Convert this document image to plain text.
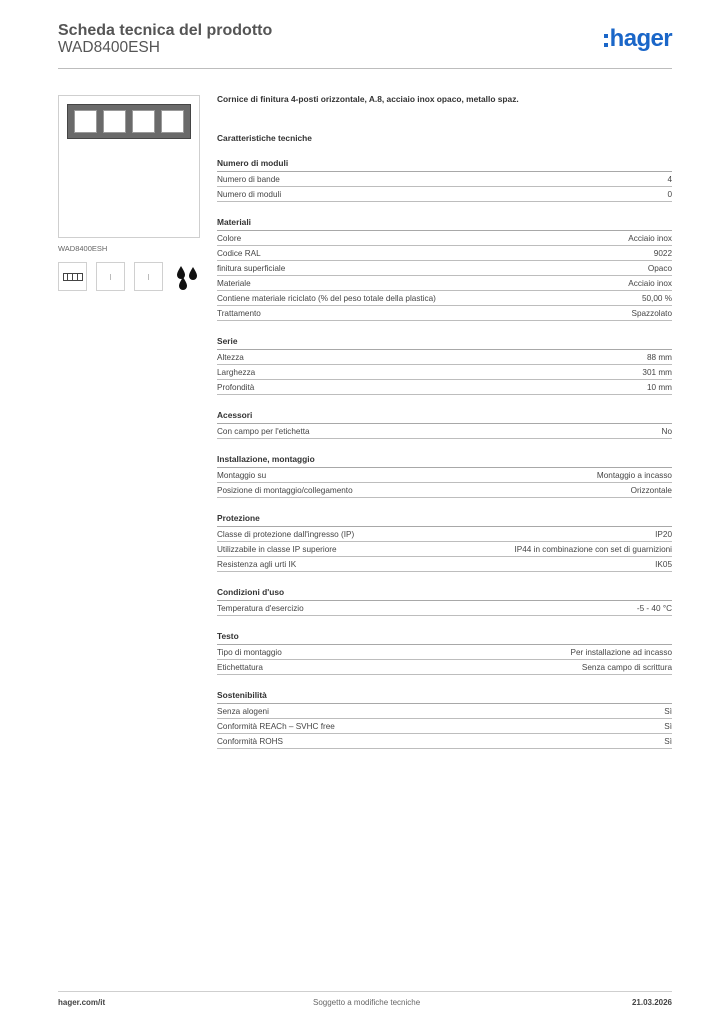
Scheda tecnica del prodotto
WAD8400ESH	hager
WAD8400ESH
Cornice di finitura 4-posti orizzontale, A.8, acciaio inox opaco, metallo spaz.
Caratteristiche tecniche
Numero di moduli
Numero di bande	4
Numero di moduli	0
Materiali
Colore	Acciaio inox
Codice RAL	9022
finitura superficiale	Opaco
Materiale	Acciaio inox
Contiene materiale riciclato (% del peso totale della plastica)	50,00 %
Trattamento	Spazzolato
Serie
Altezza	88 mm
Larghezza	301 mm
Profondità	10 mm
Acessori
Con campo per l'etichetta	No
Installazione, montaggio
Montaggio su	Montaggio a incasso
Posizione di montaggio/collegamento	Orizzontale
Protezione
Classe di protezione dall'ingresso (IP)	IP20
Utilizzabile in classe IP superiore	IP44 in combinazione con set di guarnizioni
Resistenza agli urti IK	IK05
Condizioni d'uso
Temperatura d'esercizio	-5 - 40 °C
Testo
Tipo di montaggio	Per installazione ad incasso
Etichettatura	Senza campo di scrittura
Sostenibilità
Senza alogeni	Sì
Conformità REACh – SVHC free	Sì
Conformità ROHS	Sì
hager.com/it	Soggetto a modifiche tecniche	21.03.2026
